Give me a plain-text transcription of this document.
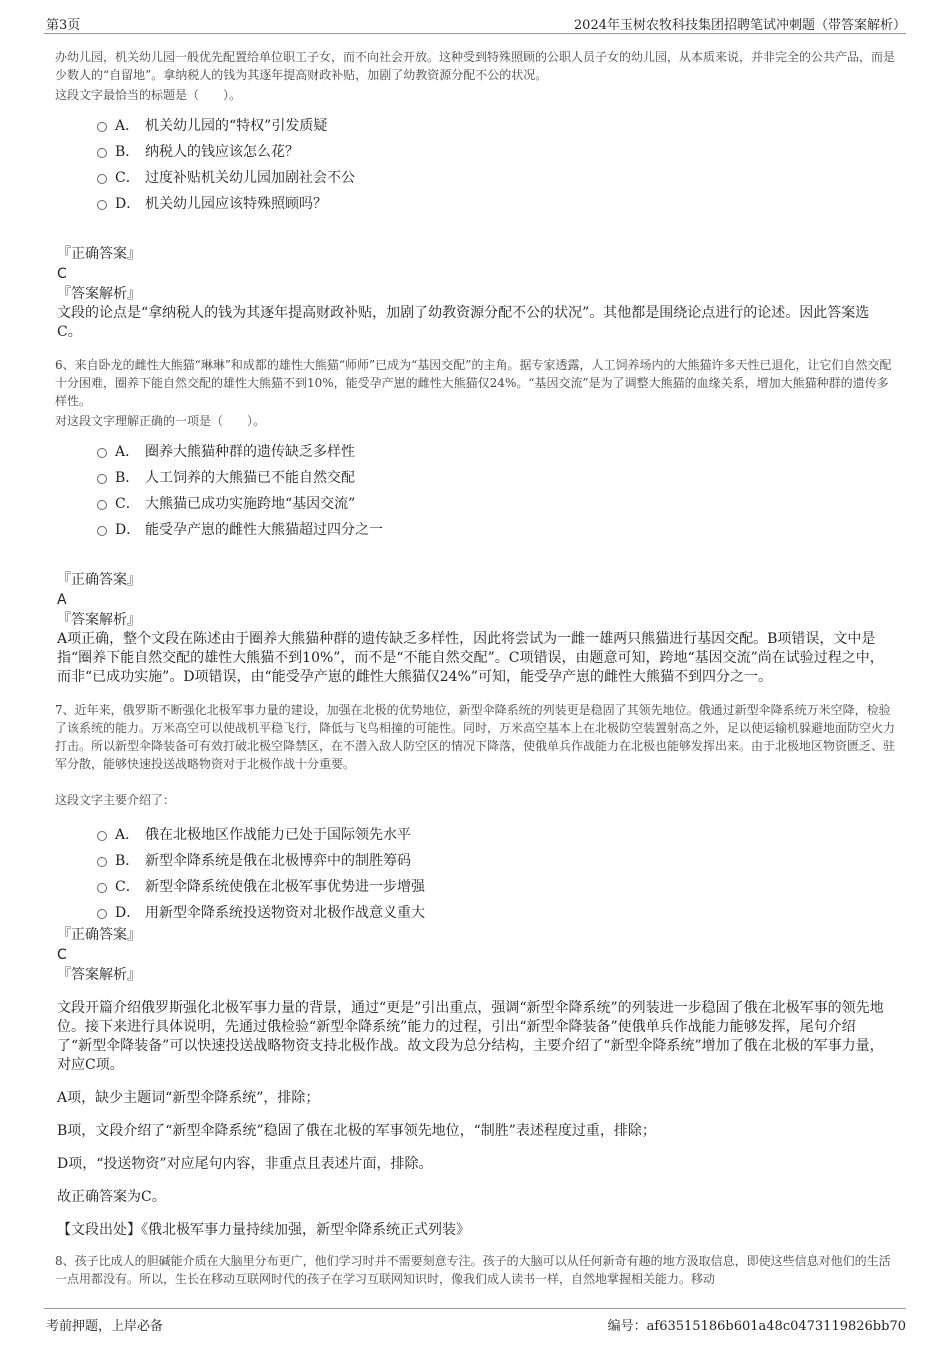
第3页	2024年玉树农牧科技集团招聘笔试冲刺题（带答案解析）
办幼儿园，机关幼儿园一般优先配置给单位职工子女，而不向社会开放。这种受到特殊照顾的公职人员子女的幼儿园，从本质来说，并非完全的公共产品，而是少数人的“自留地”。拿纳税人的钱为其逐年提高财政补贴，加剧了幼教资源分配不公的状况。
这段文字最恰当的标题是（　　）。
A． 机关幼儿园的“特权”引发质疑
B． 纳税人的钱应该怎么花？
C． 过度补贴机关幼儿园加剧社会不公
D． 机关幼儿园应该特殊照顾吗？
『正确答案』
C
『答案解析』
文段的论点是“拿纳税人的钱为其逐年提高财政补贴，加剧了幼教资源分配不公的状况”。其他都是围绕论点进行的论述。因此答案选C。
6、来自卧龙的雌性大熊猫“琳琳”和成都的雄性大熊猫“师师”已成为“基因交配”的主角。据专家透露，人工饲养场内的大熊猫许多天性已退化，让它们自然交配十分困难，圈养下能自然交配的雄性大熊猫不到10%，能受孕产崽的雌性大熊猫仅24%。“基因交流”是为了调整大熊猫的血缘关系，增加大熊猫种群的遗传多样性。
对这段文字理解正确的一项是（　　）。
A． 圈养大熊猫种群的遗传缺乏多样性
B． 人工饲养的大熊猫已不能自然交配
C． 大熊猫已成功实施跨地“基因交流”
D． 能受孕产崽的雌性大熊猫超过四分之一
『正确答案』
A
『答案解析』
A项正确，整个文段在陈述由于圈养大熊猫种群的遗传缺乏多样性，因此将尝试为一雌一雄两只熊猫进行基因交配。B项错误，文中是指“圈养下能自然交配的雄性大熊猫不到10%”，而不是“不能自然交配”。C项错误，由题意可知，跨地“基因交流”尚在试验过程之中，而非“已成功实施”。D项错误，由“能受孕产崽的雌性大熊猫仅24%”可知，能受孕产崽的雌性大熊猫不到四分之一。
7、近年来，俄罗斯不断强化北极军事力量的建设，加强在北极的优势地位，新型伞降系统的列装更是稳固了其领先地位。俄通过新型伞降系统万米空降，检验了该系统的能力。万米高空可以使战机平稳飞行，降低与飞鸟相撞的可能性。同时，万米高空基本上在北极防空装置射高之外，足以使运输机躲避地面防空火力打击。所以新型伞降装备可有效打破北极空降禁区，在不潜入敌人防空区的情况下降落，使俄单兵作战能力在北极也能够发挥出来。由于北极地区物资匮乏、驻军分散，能够快速投送战略物资对于北极作战十分重要。
这段文字主要介绍了：
A． 俄在北极地区作战能力已处于国际领先水平
B． 新型伞降系统是俄在北极博弈中的制胜筹码
C． 新型伞降系统使俄在北极军事优势进一步增强
D． 用新型伞降系统投送物资对北极作战意义重大
『正确答案』
C
『答案解析』
文段开篇介绍俄罗斯强化北极军事力量的背景，通过“更是”引出重点，强调“新型伞降系统”的列装进一步稳固了俄在北极军事的领先地位。接下来进行具体说明，先通过俄检验“新型伞降系统”能力的过程，引出“新型伞降装备”使俄单兵作战能力能够发挥，尾句介绍了“新型伞降装备”可以快速投送战略物资支持北极作战。故文段为总分结构，主要介绍了“新型伞降系统”增加了俄在北极的军事力量，对应C项。
A项，缺少主题词“新型伞降系统”，排除；
B项，文段介绍了“新型伞降系统”稳固了俄在北极的军事领先地位，“制胜”表述程度过重，排除；
D项，“投送物资”对应尾句内容，非重点且表述片面，排除。
故正确答案为C。
【文段出处】《俄北极军事力量持续加强，新型伞降系统正式列装》
8、孩子比成人的胆碱能介质在大脑里分布更广，他们学习时并不需要刻意专注。孩子的大脑可以从任何新奇有趣的地方汲取信息，即使这些信息对他们的生活一点用都没有。所以，生长在移动互联网时代的孩子在学习互联网知识时，像我们成人读书一样，自然地掌握相关能力。移动
考前押题，上岸必备	编号：af63515186b601a48c0473119826bb70
